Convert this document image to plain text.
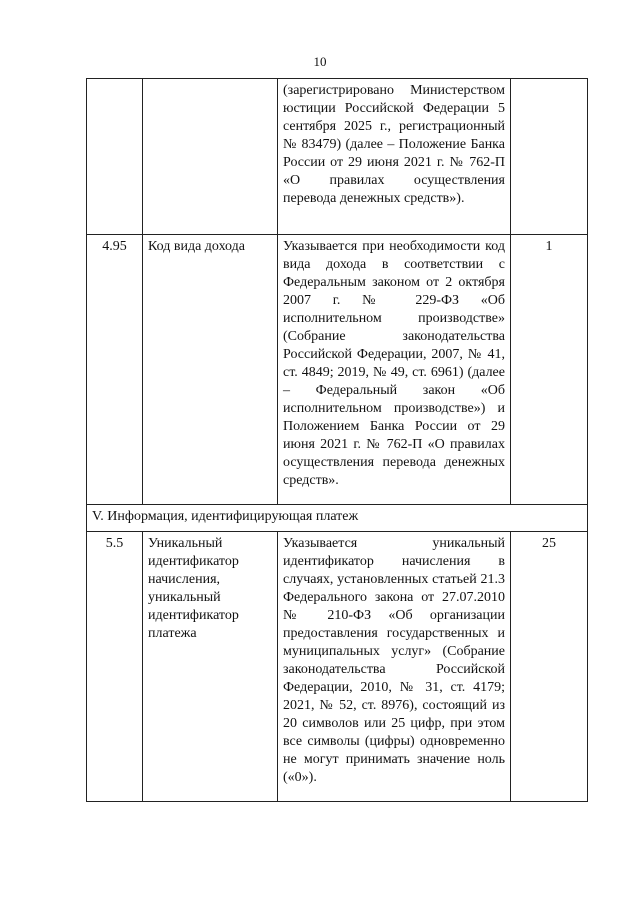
10
		(зарегистрировано Министерством юстиции Российской Федерации 5 сентября 2025 г., регистрационный № 83479) (далее – Положение Банка России от 29 июня 2021 г. № 762-П «О правилах осуществления перевода денежных средств»).	
4.95	Код вида дохода	Указывается при необходимости код вида дохода в соответствии с Федеральным законом от 2 октября 2007 г. № 229-ФЗ «Об исполнительном производстве» (Собрание законодательства Российской Федерации, 2007, № 41, ст. 4849; 2019, № 49, ст. 6961) (далее – Федеральный закон «Об исполнительном производстве») и Положением Банка России от 29 июня 2021 г. № 762-П «О правилах осуществления перевода денежных средств».	1
V. Информация, идентифицирующая платеж			
5.5	Уникальный идентификатор начисления, уникальный идентификатор платежа	Указывается уникальный идентификатор начисления в случаях, установленных статьей 21.3 Федерального закона от 27.07.2010 № 210-ФЗ «Об организации предоставления государственных и муниципальных услуг» (Собрание законодательства Российской Федерации, 2010, № 31, ст. 4179; 2021, № 52, ст. 8976), состоящий из 20 символов или 25 цифр, при этом все символы (цифры) одновременно не могут принимать значение ноль («0»).	25
